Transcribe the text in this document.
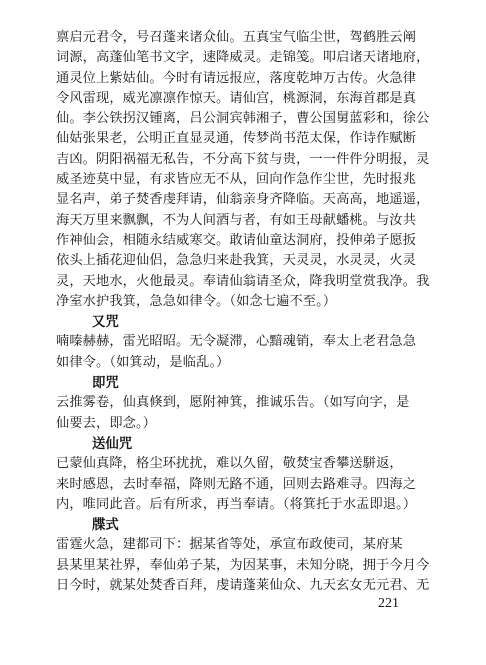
禀启元君令，号召蓬来诸众仙。五真宝气临尘世，驾鹤胜云阐
词源，高蓬仙笔书文字，速降威灵。走锦笺。叩启诸天诸地府，
通灵位上紫姑仙。今时有请远报应，落度乾坤万古传。火急律
令风雷现，威光凛凛作惊天。请仙宫，桃源洞，东海首郡是真
仙。李公铁拐汉锺离，吕公洞宾韩湘子，曹公国舅蓝彩和，徐公
仙姑张果老，公明正直显灵通，传梦尚书范太保，作诗作赋断
吉凶。阴阳祸福无私告，不分高下贫与贵，一一件件分明报，灵
威圣迹莫中显，有求皆应无不从，回向作急作尘世，先时报兆
显名声，弟子焚香虔拜请，仙翁亲身齐降临。天高高，地遥遥，
海天万里来飘飘，不为人间酒与者，有如王母献蟠桃。与汝共
作神仙会，相随永结威寒交。敢请仙童达洞府，投伸弟子愿扳
依头上插花迎仙侣，急急归来赴我箕，天灵灵，水灵灵，火灵
灵，天地水，火他最灵。奉请仙翁请圣众，降我明堂赏我净。我
净室水护我箕，急急如律令。（如念七遍不至。）
又咒
喃嗪赫赫，雷光昭昭。无令凝滞，心黯魂销，奉太上老君急急
如律令。（如箕动，是临乱。）
即咒
云推雾卷，仙真倏到，愿附神箕，推诚乐告。（如写向字，是
仙要去，即念。）
送仙咒
已蒙仙真降，格尘环扰扰，难以久留，敬焚宝香攀送駢返，
来时感恩，去时奉福，降则无路不通，回则去路难寻。四海之
内，唯同此音。后有所求，再当奉请。（将箕托于水盂即退。）
牒式
雷霆火急，建都司下：据某省等处，承宣布政使司，某府某
县某里某社界，奉仙弟子某，为因某事，未知分晓，拥于今月今
日今时，就某处焚香百拜，虔请蓬莱仙众、九天玄女无元君、无
221
